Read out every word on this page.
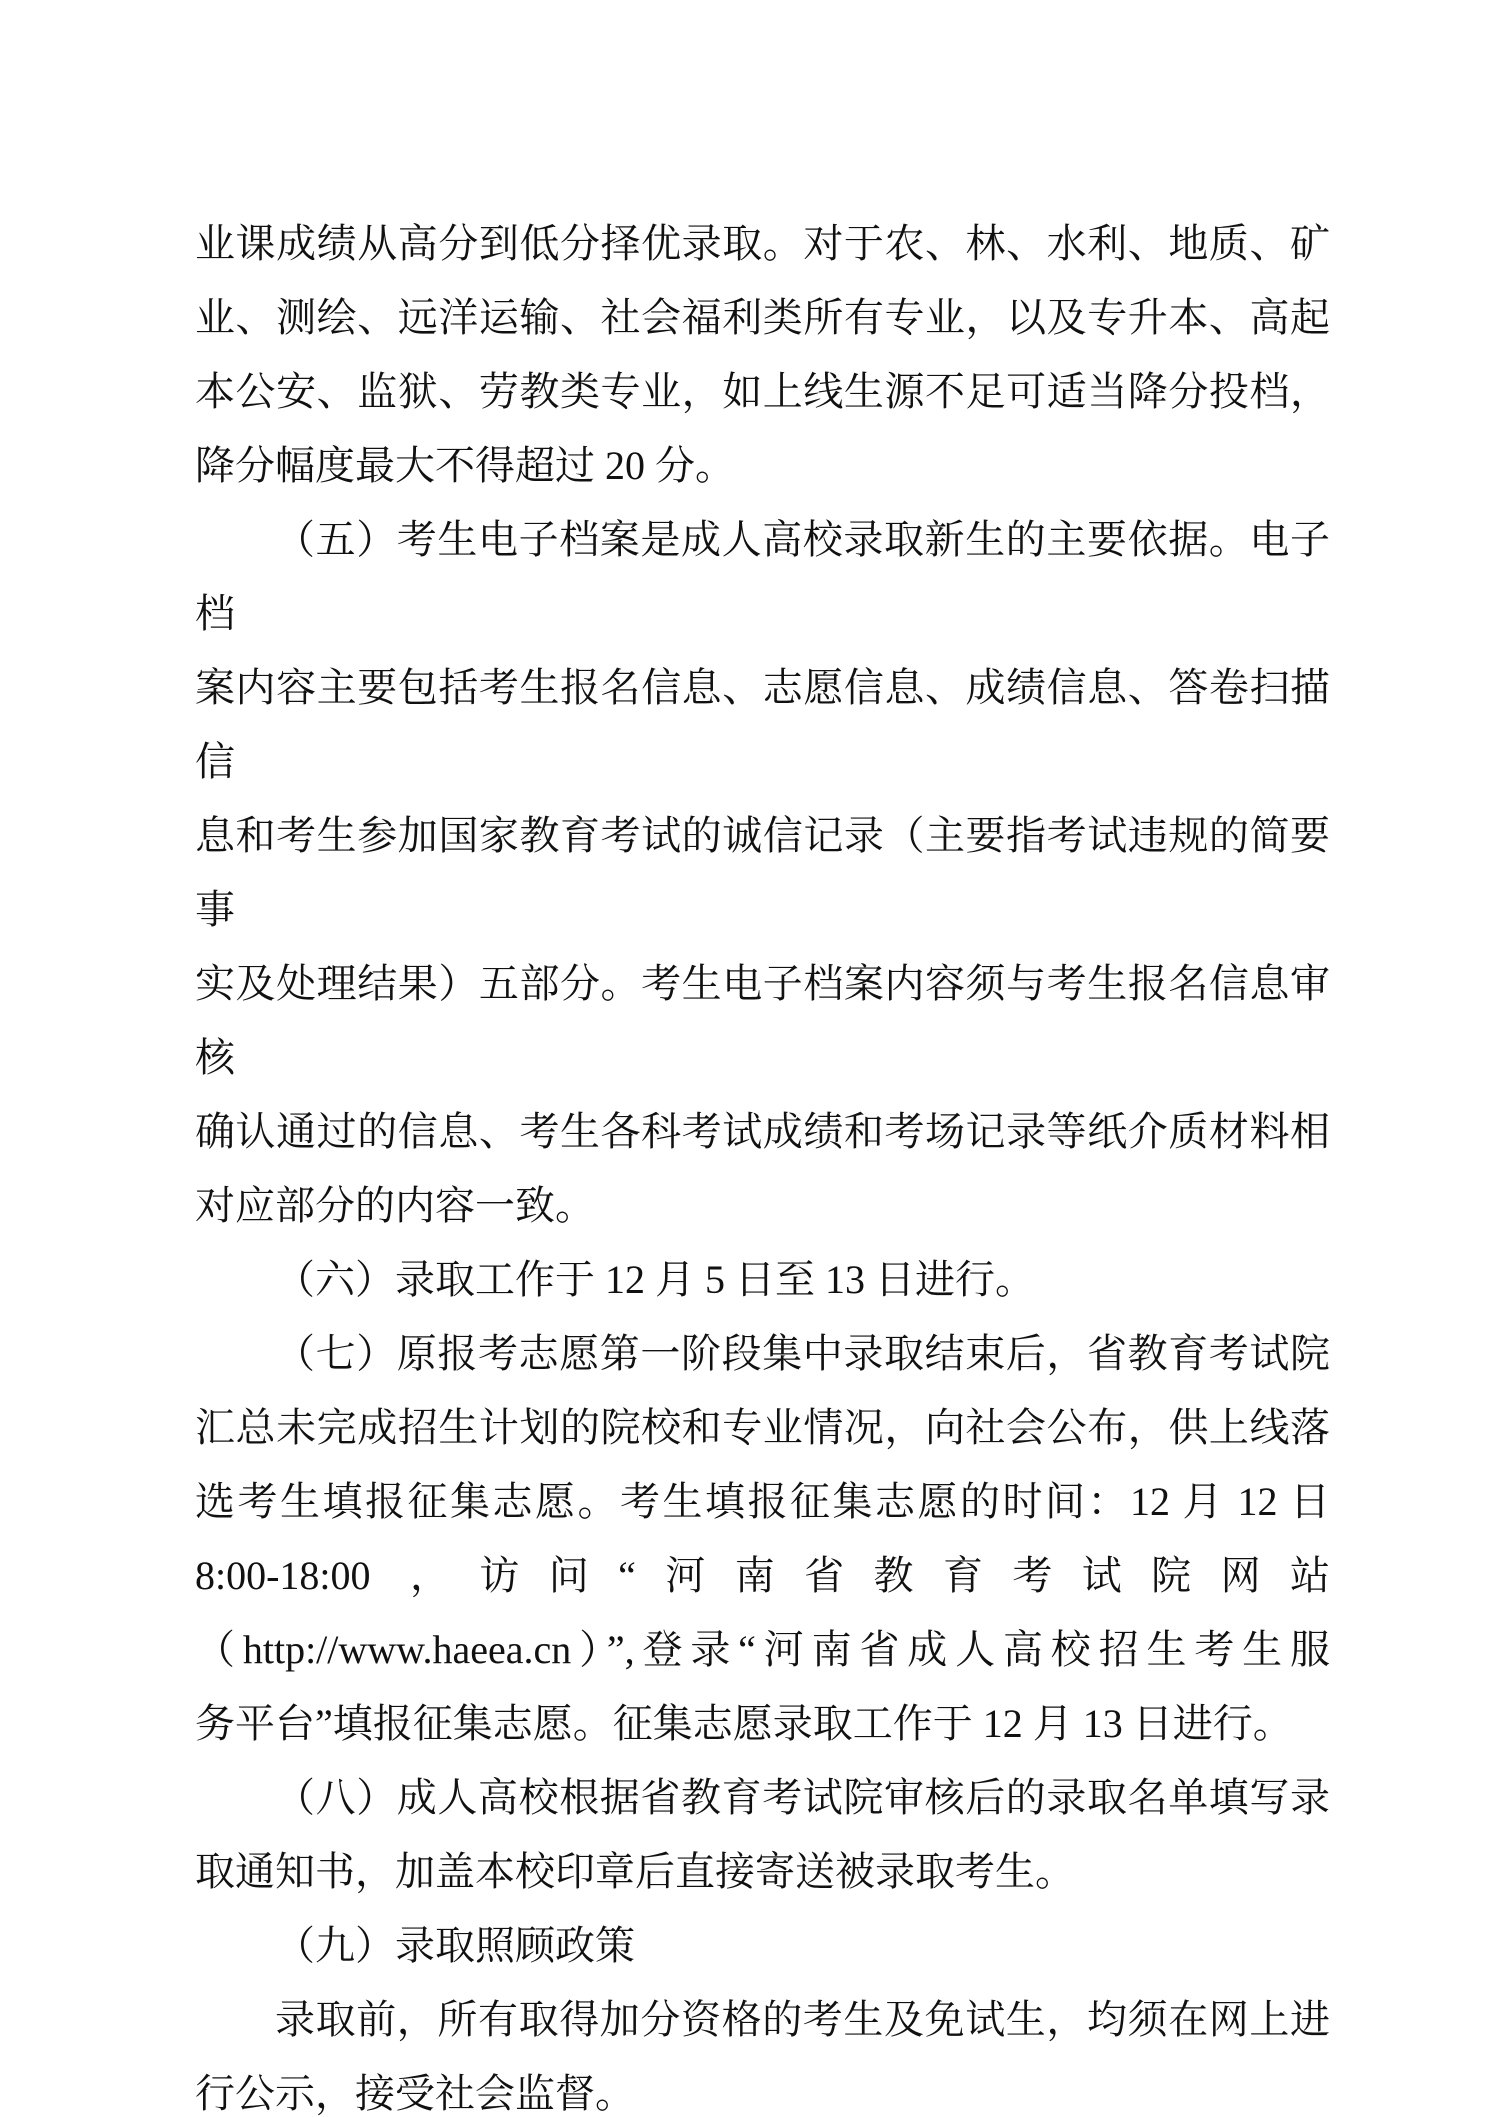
业课成绩从高分到低分择优录取。对于农、林、水利、地质、矿
业、测绘、远洋运输、社会福利类所有专业，以及专升本、高起
本公安、监狱、劳教类专业，如上线生源不足可适当降分投档，
降分幅度最大不得超过 20 分。
（五）考生电子档案是成人高校录取新生的主要依据。电子档
案内容主要包括考生报名信息、志愿信息、成绩信息、答卷扫描信
息和考生参加国家教育考试的诚信记录（主要指考试违规的简要事
实及处理结果）五部分。考生电子档案内容须与考生报名信息审核
确认通过的信息、考生各科考试成绩和考场记录等纸介质材料相
对应部分的内容一致。
（六）录取工作于 12 月 5 日至 13 日进行。
（七）原报考志愿第一阶段集中录取结束后，省教育考试院
汇总未完成招生计划的院校和专业情况，向社会公布，供上线落
选考生填报征集志愿。考生填报征集志愿的时间：12 月 12 日
8:00-18:00 ，访问“河南省教育考试院网站
（http://www.haeea.cn）”,登录“河南省成人高校招生考生服
务平台”填报征集志愿。征集志愿录取工作于 12 月 13 日进行。
（八）成人高校根据省教育考试院审核后的录取名单填写录
取通知书，加盖本校印章后直接寄送被录取考生。
（九）录取照顾政策
录取前，所有取得加分资格的考生及免试生，均须在网上进
行公示，接受社会监督。
